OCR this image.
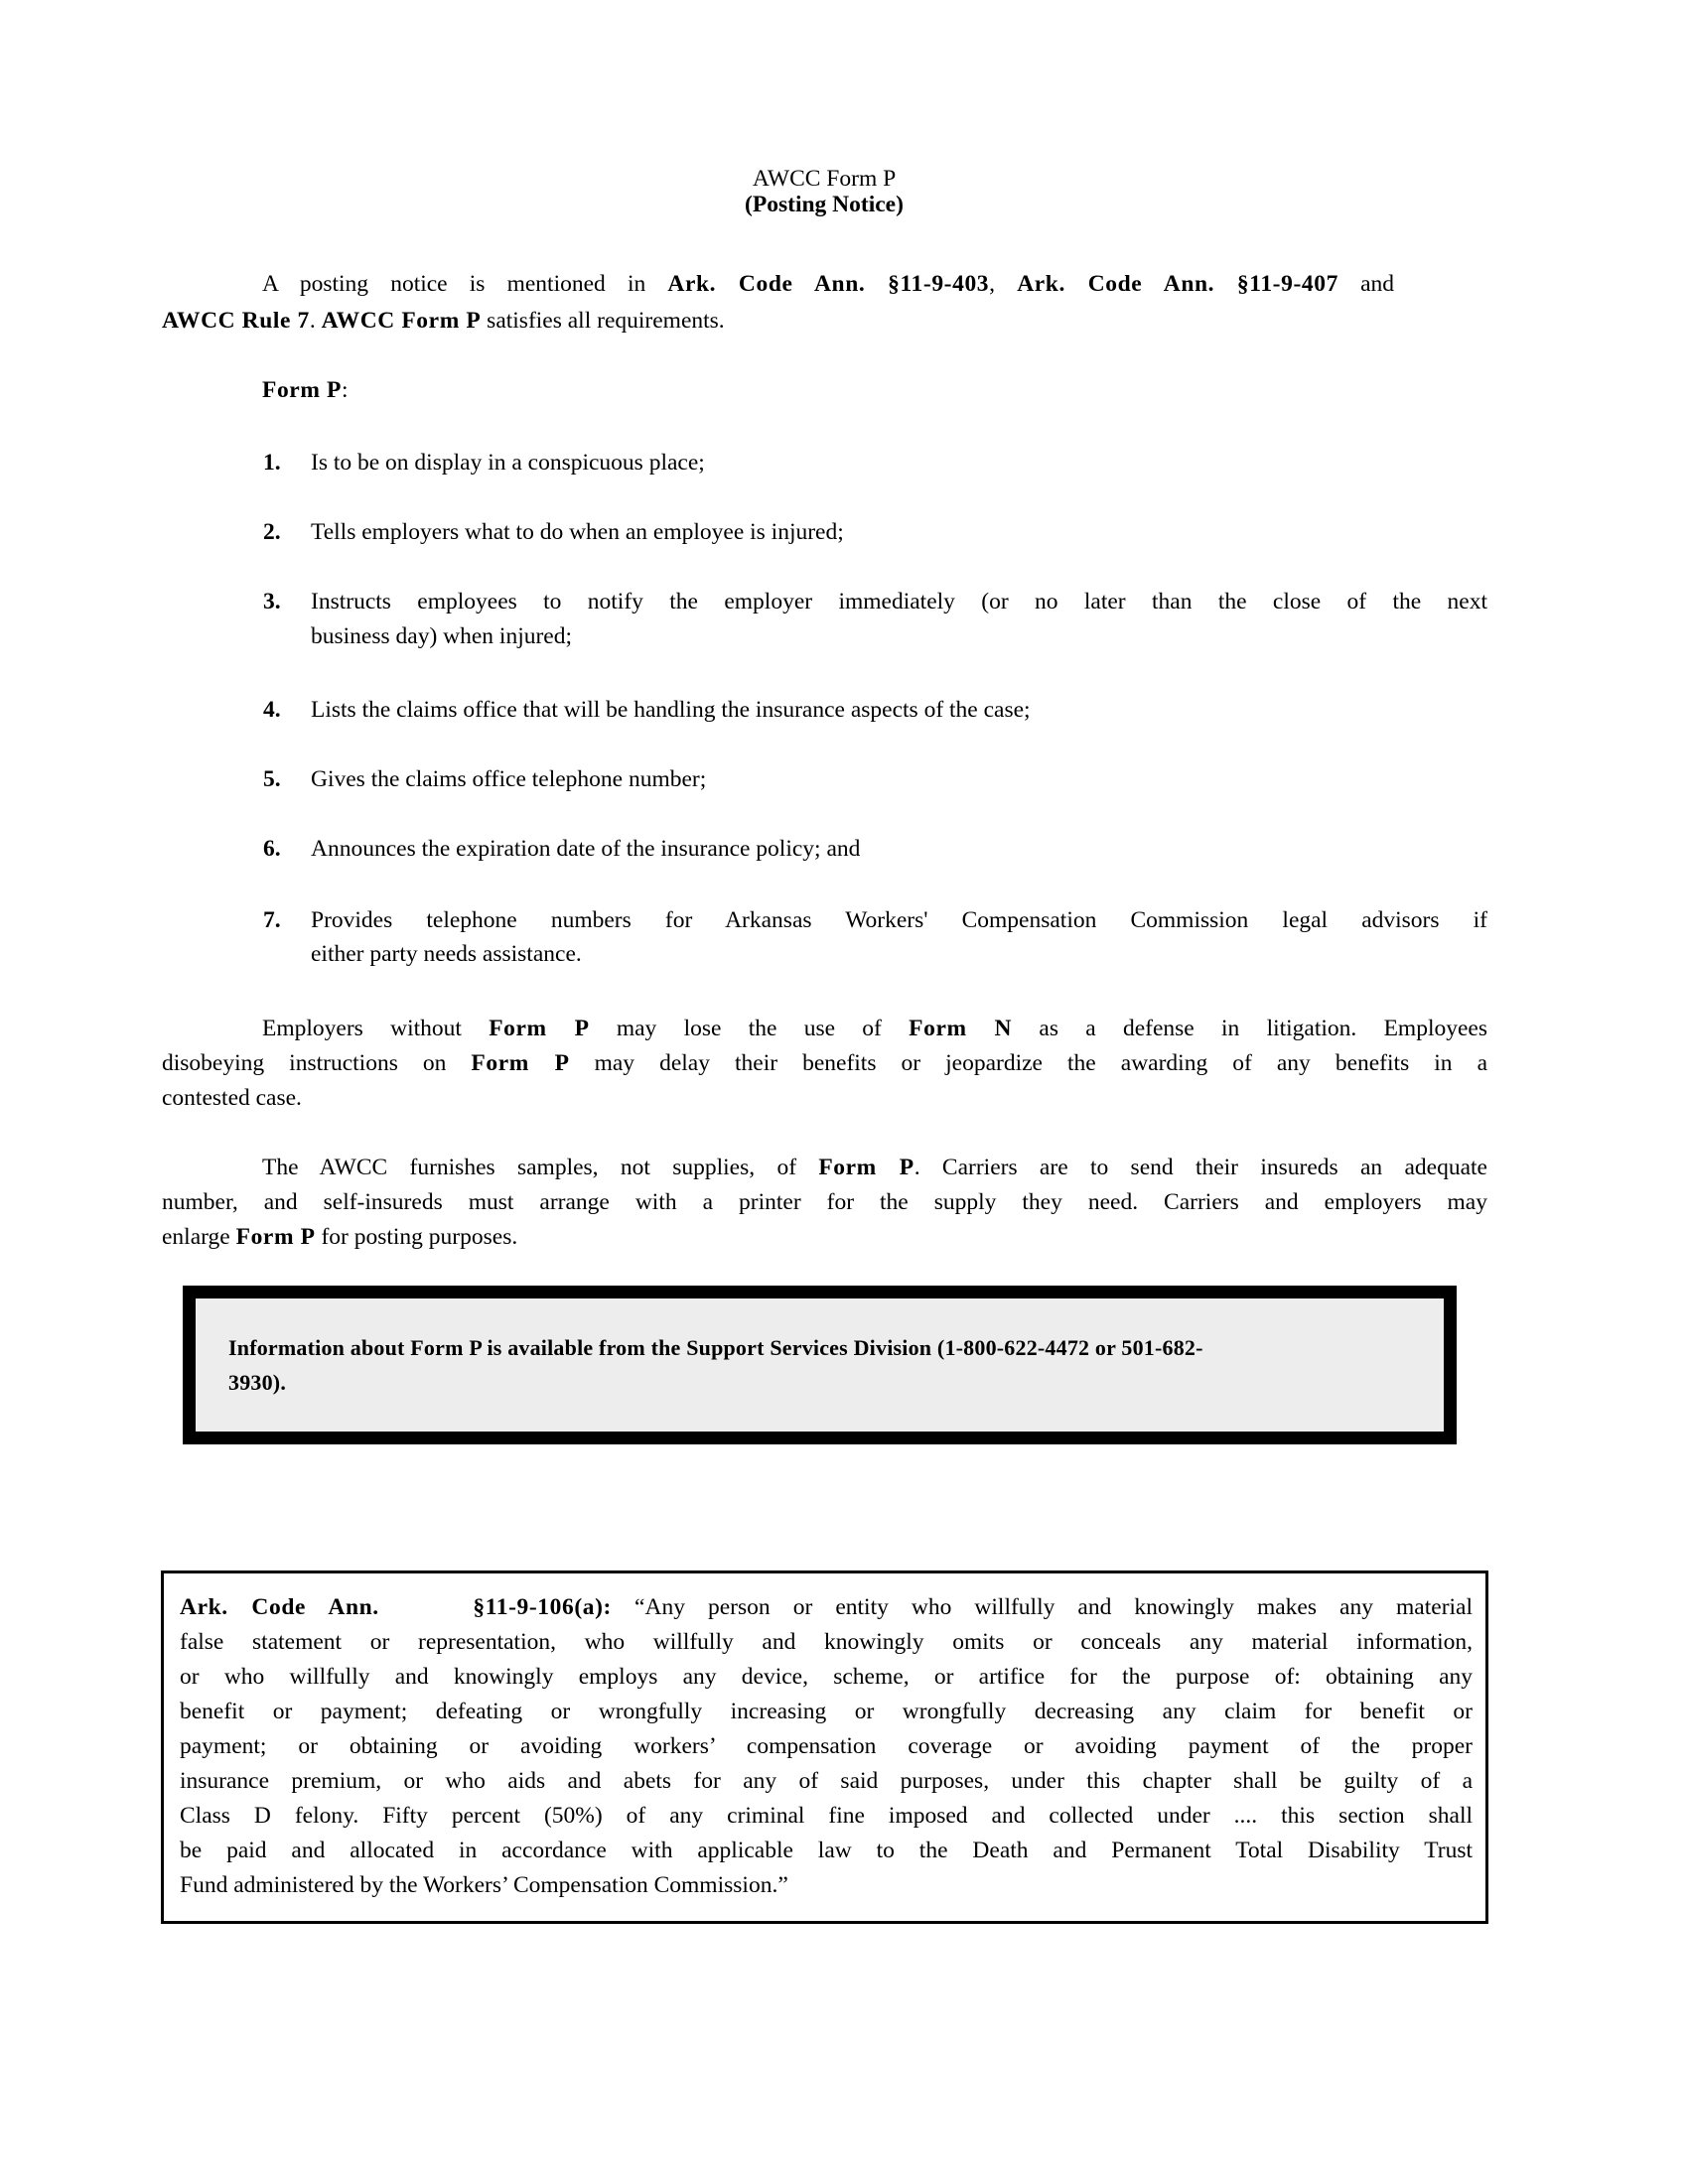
AWCC Form P
(Posting Notice)
A posting notice is mentioned in Ark. Code Ann. §11-9-403, Ark. Code Ann. §11-9-407 and
AWCC Rule 7. AWCC Form P satisfies all requirements.
Form P:
1. Is to be on display in a conspicuous place;
2. Tells employers what to do when an employee is injured;
3. Instructs employees to notify the employer immediately (or no later than the close of the next
business day) when injured;
4. Lists the claims office that will be handling the insurance aspects of the case;
5. Gives the claims office telephone number;
6. Announces the expiration date of the insurance policy; and
7. Provides telephone numbers for Arkansas Workers' Compensation Commission legal advisors if
either party needs assistance.
Employers without Form P may lose the use of Form N as a defense in litigation. Employees
disobeying instructions on Form P may delay their benefits or jeopardize the awarding of any benefits in a
contested case.
The AWCC furnishes samples, not supplies, of Form P. Carriers are to send their insureds an adequate
number, and self-insureds must arrange with a printer for the supply they need. Carriers and employers may
enlarge Form P for posting purposes.
Information about Form P is available from the Support Services Division (1-800-622-4472 or 501-682-
3930).
Ark. Code Ann.    §11-9-106(a): “Any person or entity who willfully and knowingly makes any material
false statement or representation, who willfully and knowingly omits or conceals any material information,
or who willfully and knowingly employs any device, scheme, or artifice for the purpose of: obtaining any
benefit or payment; defeating or wrongfully increasing or wrongfully decreasing any claim for benefit or
payment; or obtaining or avoiding workers’ compensation coverage or avoiding payment of the proper
insurance premium, or who aids and abets for any of said purposes, under this chapter shall be guilty of a
Class D felony. Fifty percent (50%) of any criminal fine imposed and collected under .... this section shall
be paid and allocated in accordance with applicable law to the Death and Permanent Total Disability Trust
Fund administered by the Workers’ Compensation Commission.”
